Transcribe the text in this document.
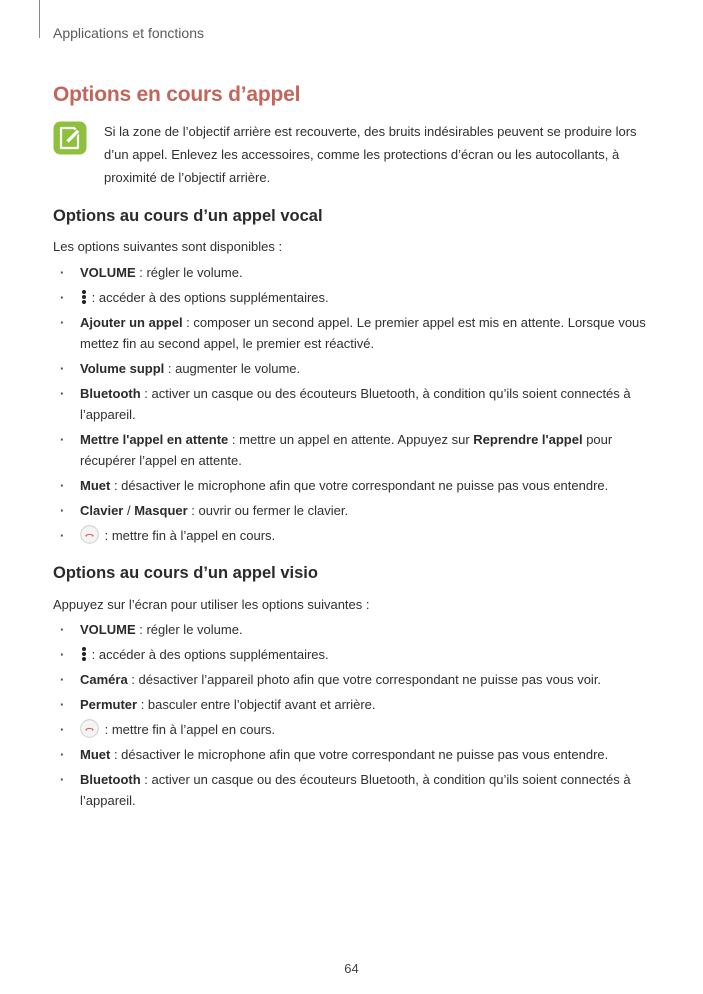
Applications et fonctions
Options en cours d’appel

Si la zone de l’objectif arrière est recouverte, des bruits indésirables peuvent se produire lors d’un appel. Enlevez les accessoires, comme les protections d’écran ou les autocollants, à proximité de l’objectif arrière.

Options au cours d’un appel vocal

Les options suivantes sont disponibles :

· VOLUME : régler le volume.
· : accéder à des options supplémentaires.
· Ajouter un appel : composer un second appel. Le premier appel est mis en attente. Lorsque vous mettez fin au second appel, le premier est réactivé.
· Volume suppl : augmenter le volume.
· Bluetooth : activer un casque ou des écouteurs Bluetooth, à condition qu’ils soient connectés à l’appareil.
· Mettre l'appel en attente : mettre un appel en attente. Appuyez sur Reprendre l'appel pour récupérer l’appel en attente.
· Muet : désactiver le microphone afin que votre correspondant ne puisse pas vous entendre.
· Clavier / Masquer : ouvrir ou fermer le clavier.
· : mettre fin à l’appel en cours.
Options au cours d’un appel visio

Appuyez sur l’écran pour utiliser les options suivantes :

· VOLUME : régler le volume.
· : accéder à des options supplémentaires.
· Caméra : désactiver l’appareil photo afin que votre correspondant ne puisse pas vous voir.
· Permuter : basculer entre l’objectif avant et arrière.
· : mettre fin à l’appel en cours.
· Muet : désactiver le microphone afin que votre correspondant ne puisse pas vous entendre.
· Bluetooth : activer un casque ou des écouteurs Bluetooth, à condition qu’ils soient connectés à l’appareil.
64
